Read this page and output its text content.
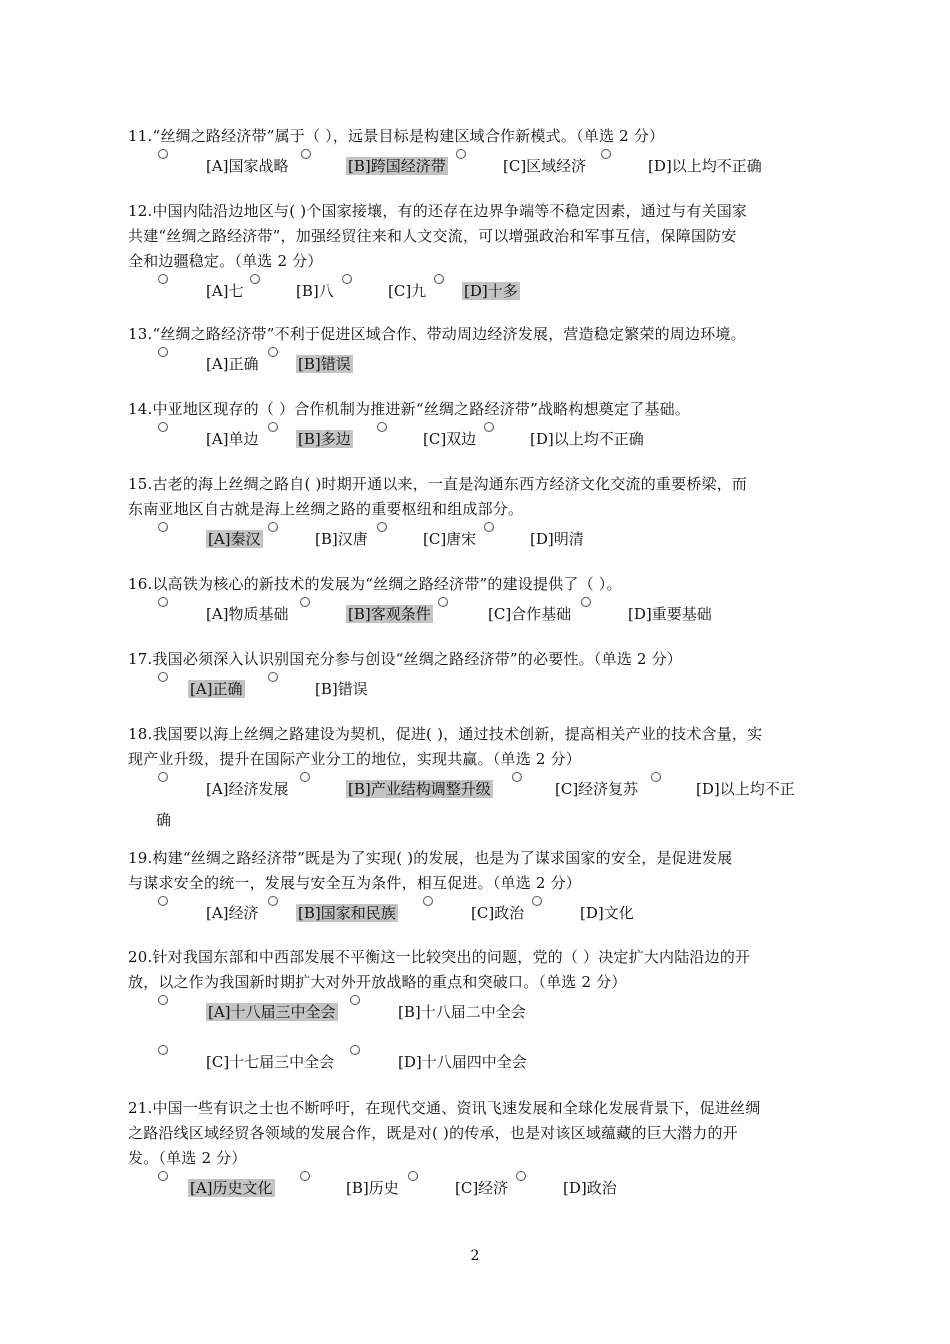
11.“丝绸之路经济带”属于（ ），远景目标是构建区域合作新模式。（单选 2 分）

[A]国家战略	[B]跨国经济带	[C]区域经济	[D]以上均不正确

12.中国内陆沿边地区与( )个国家接壤，有的还存在边界争端等不稳定因素，通过与有关国家

共建“丝绸之路经济带”，加强经贸往来和人文交流，可以增强政治和军事互信，保障国防安

全和边疆稳定。（单选 2 分）

[A]七	[B]八	[C]九	[D]十多

13.“丝绸之路经济带”不利于促进区域合作、带动周边经济发展，营造稳定繁荣的周边环境。

[A]正确	[B]错误

14.中亚地区现存的（ ）合作机制为推进新“丝绸之路经济带”战略构想奠定了基础。

[A]单边	[B]多边	[C]双边	[D]以上均不正确

15.古老的海上丝绸之路自( )时期开通以来，一直是沟通东西方经济文化交流的重要桥梁，而

东南亚地区自古就是海上丝绸之路的重要枢纽和组成部分。

[A]秦汉	[B]汉唐	[C]唐宋	[D]明清

16.以高铁为核心的新技术的发展为“丝绸之路经济带”的建设提供了（ ）。

[A]物质基础	[B]客观条件	[C]合作基础	[D]重要基础

17.我国必须深入认识别国充分参与创设“丝绸之路经济带”的必要性。（单选 2 分）

[A]正确	[B]错误

18.我国要以海上丝绸之路建设为契机，促进( )，通过技术创新，提高相关产业的技术含量，实

现产业升级，提升在国际产业分工的地位，实现共赢。（单选 2 分）

[A]经济发展	[B]产业结构调整升级	[C]经济复苏	[D]以上均不正
确

19.构建“丝绸之路经济带”既是为了实现( )的发展，也是为了谋求国家的安全，是促进发展

与谋求安全的统一，发展与安全互为条件，相互促进。（单选 2 分）

[A]经济	[B]国家和民族	[C]政治	[D]文化

20.针对我国东部和中西部发展不平衡这一比较突出的问题，党的（ ）决定扩大内陆沿边的开

放，以之作为我国新时期扩大对外开放战略的重点和突破口。（单选 2 分）

[A]十八届三中全会	[B]十八届二中全会
[C]十七届三中全会	[D]十八届四中全会

21.中国一些有识之士也不断呼吁，在现代交通、资讯飞速发展和全球化发展背景下，促进丝绸

之路沿线区域经贸各领域的发展合作，既是对( )的传承，也是对该区域蕴藏的巨大潜力的开

发。（单选 2 分）

[A]历史文化	[B]历史	[C]经济	[D]政治
2
